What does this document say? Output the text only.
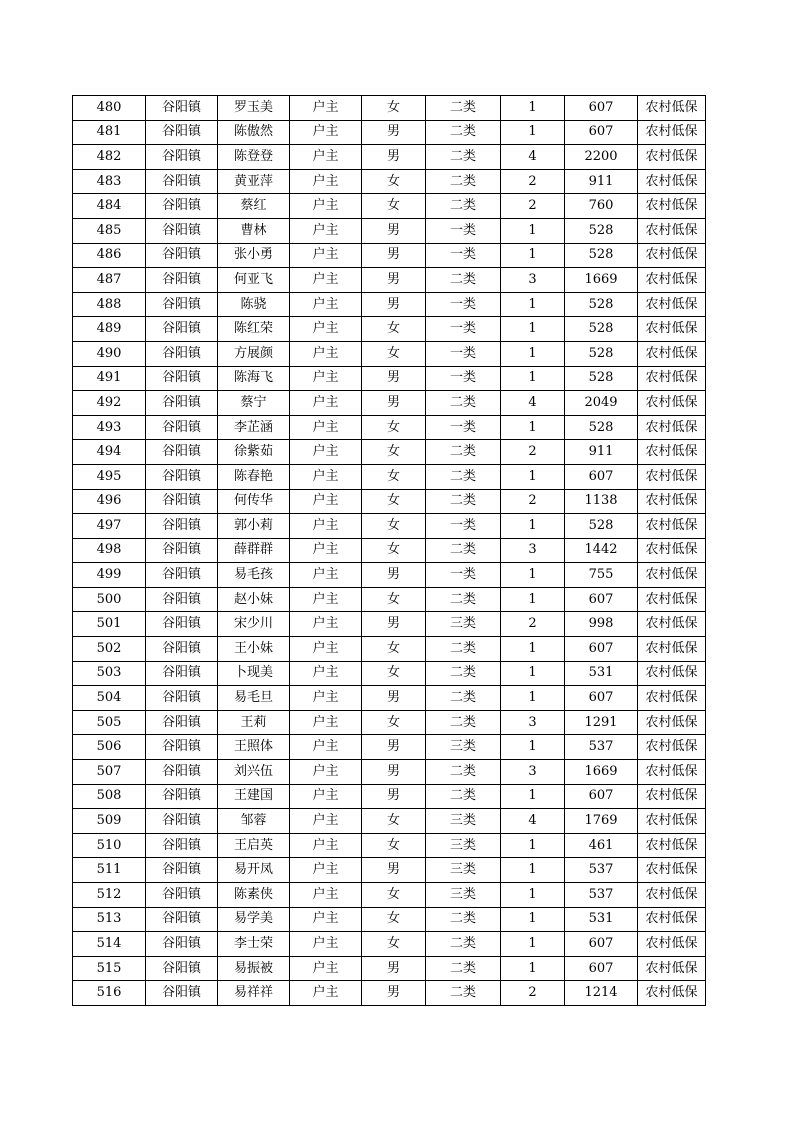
480	谷阳镇	罗玉美	户主	女	二类	1	607	农村低保
481	谷阳镇	陈傲然	户主	男	二类	1	607	农村低保
482	谷阳镇	陈登登	户主	男	二类	4	2200	农村低保
483	谷阳镇	黄亚萍	户主	女	二类	2	911	农村低保
484	谷阳镇	蔡红	户主	女	二类	2	760	农村低保
485	谷阳镇	曹林	户主	男	一类	1	528	农村低保
486	谷阳镇	张小勇	户主	男	一类	1	528	农村低保
487	谷阳镇	何亚飞	户主	男	二类	3	1669	农村低保
488	谷阳镇	陈骁	户主	男	一类	1	528	农村低保
489	谷阳镇	陈红荣	户主	女	一类	1	528	农村低保
490	谷阳镇	方展颜	户主	女	一类	1	528	农村低保
491	谷阳镇	陈海飞	户主	男	一类	1	528	农村低保
492	谷阳镇	蔡宁	户主	男	二类	4	2049	农村低保
493	谷阳镇	李芷涵	户主	女	一类	1	528	农村低保
494	谷阳镇	徐紫茹	户主	女	二类	2	911	农村低保
495	谷阳镇	陈春艳	户主	女	二类	1	607	农村低保
496	谷阳镇	何传华	户主	女	二类	2	1138	农村低保
497	谷阳镇	郭小莉	户主	女	一类	1	528	农村低保
498	谷阳镇	薛群群	户主	女	二类	3	1442	农村低保
499	谷阳镇	易毛孩	户主	男	一类	1	755	农村低保
500	谷阳镇	赵小妹	户主	女	二类	1	607	农村低保
501	谷阳镇	宋少川	户主	男	三类	2	998	农村低保
502	谷阳镇	王小妹	户主	女	二类	1	607	农村低保
503	谷阳镇	卜现美	户主	女	二类	1	531	农村低保
504	谷阳镇	易毛旦	户主	男	二类	1	607	农村低保
505	谷阳镇	王莉	户主	女	二类	3	1291	农村低保
506	谷阳镇	王照体	户主	男	三类	1	537	农村低保
507	谷阳镇	刘兴伍	户主	男	二类	3	1669	农村低保
508	谷阳镇	王建国	户主	男	二类	1	607	农村低保
509	谷阳镇	邹蓉	户主	女	三类	4	1769	农村低保
510	谷阳镇	王启英	户主	女	三类	1	461	农村低保
511	谷阳镇	易开凤	户主	男	三类	1	537	农村低保
512	谷阳镇	陈素侠	户主	女	三类	1	537	农村低保
513	谷阳镇	易学美	户主	女	二类	1	531	农村低保
514	谷阳镇	李士荣	户主	女	二类	1	607	农村低保
515	谷阳镇	易振被	户主	男	二类	1	607	农村低保
516	谷阳镇	易祥祥	户主	男	二类	2	1214	农村低保
